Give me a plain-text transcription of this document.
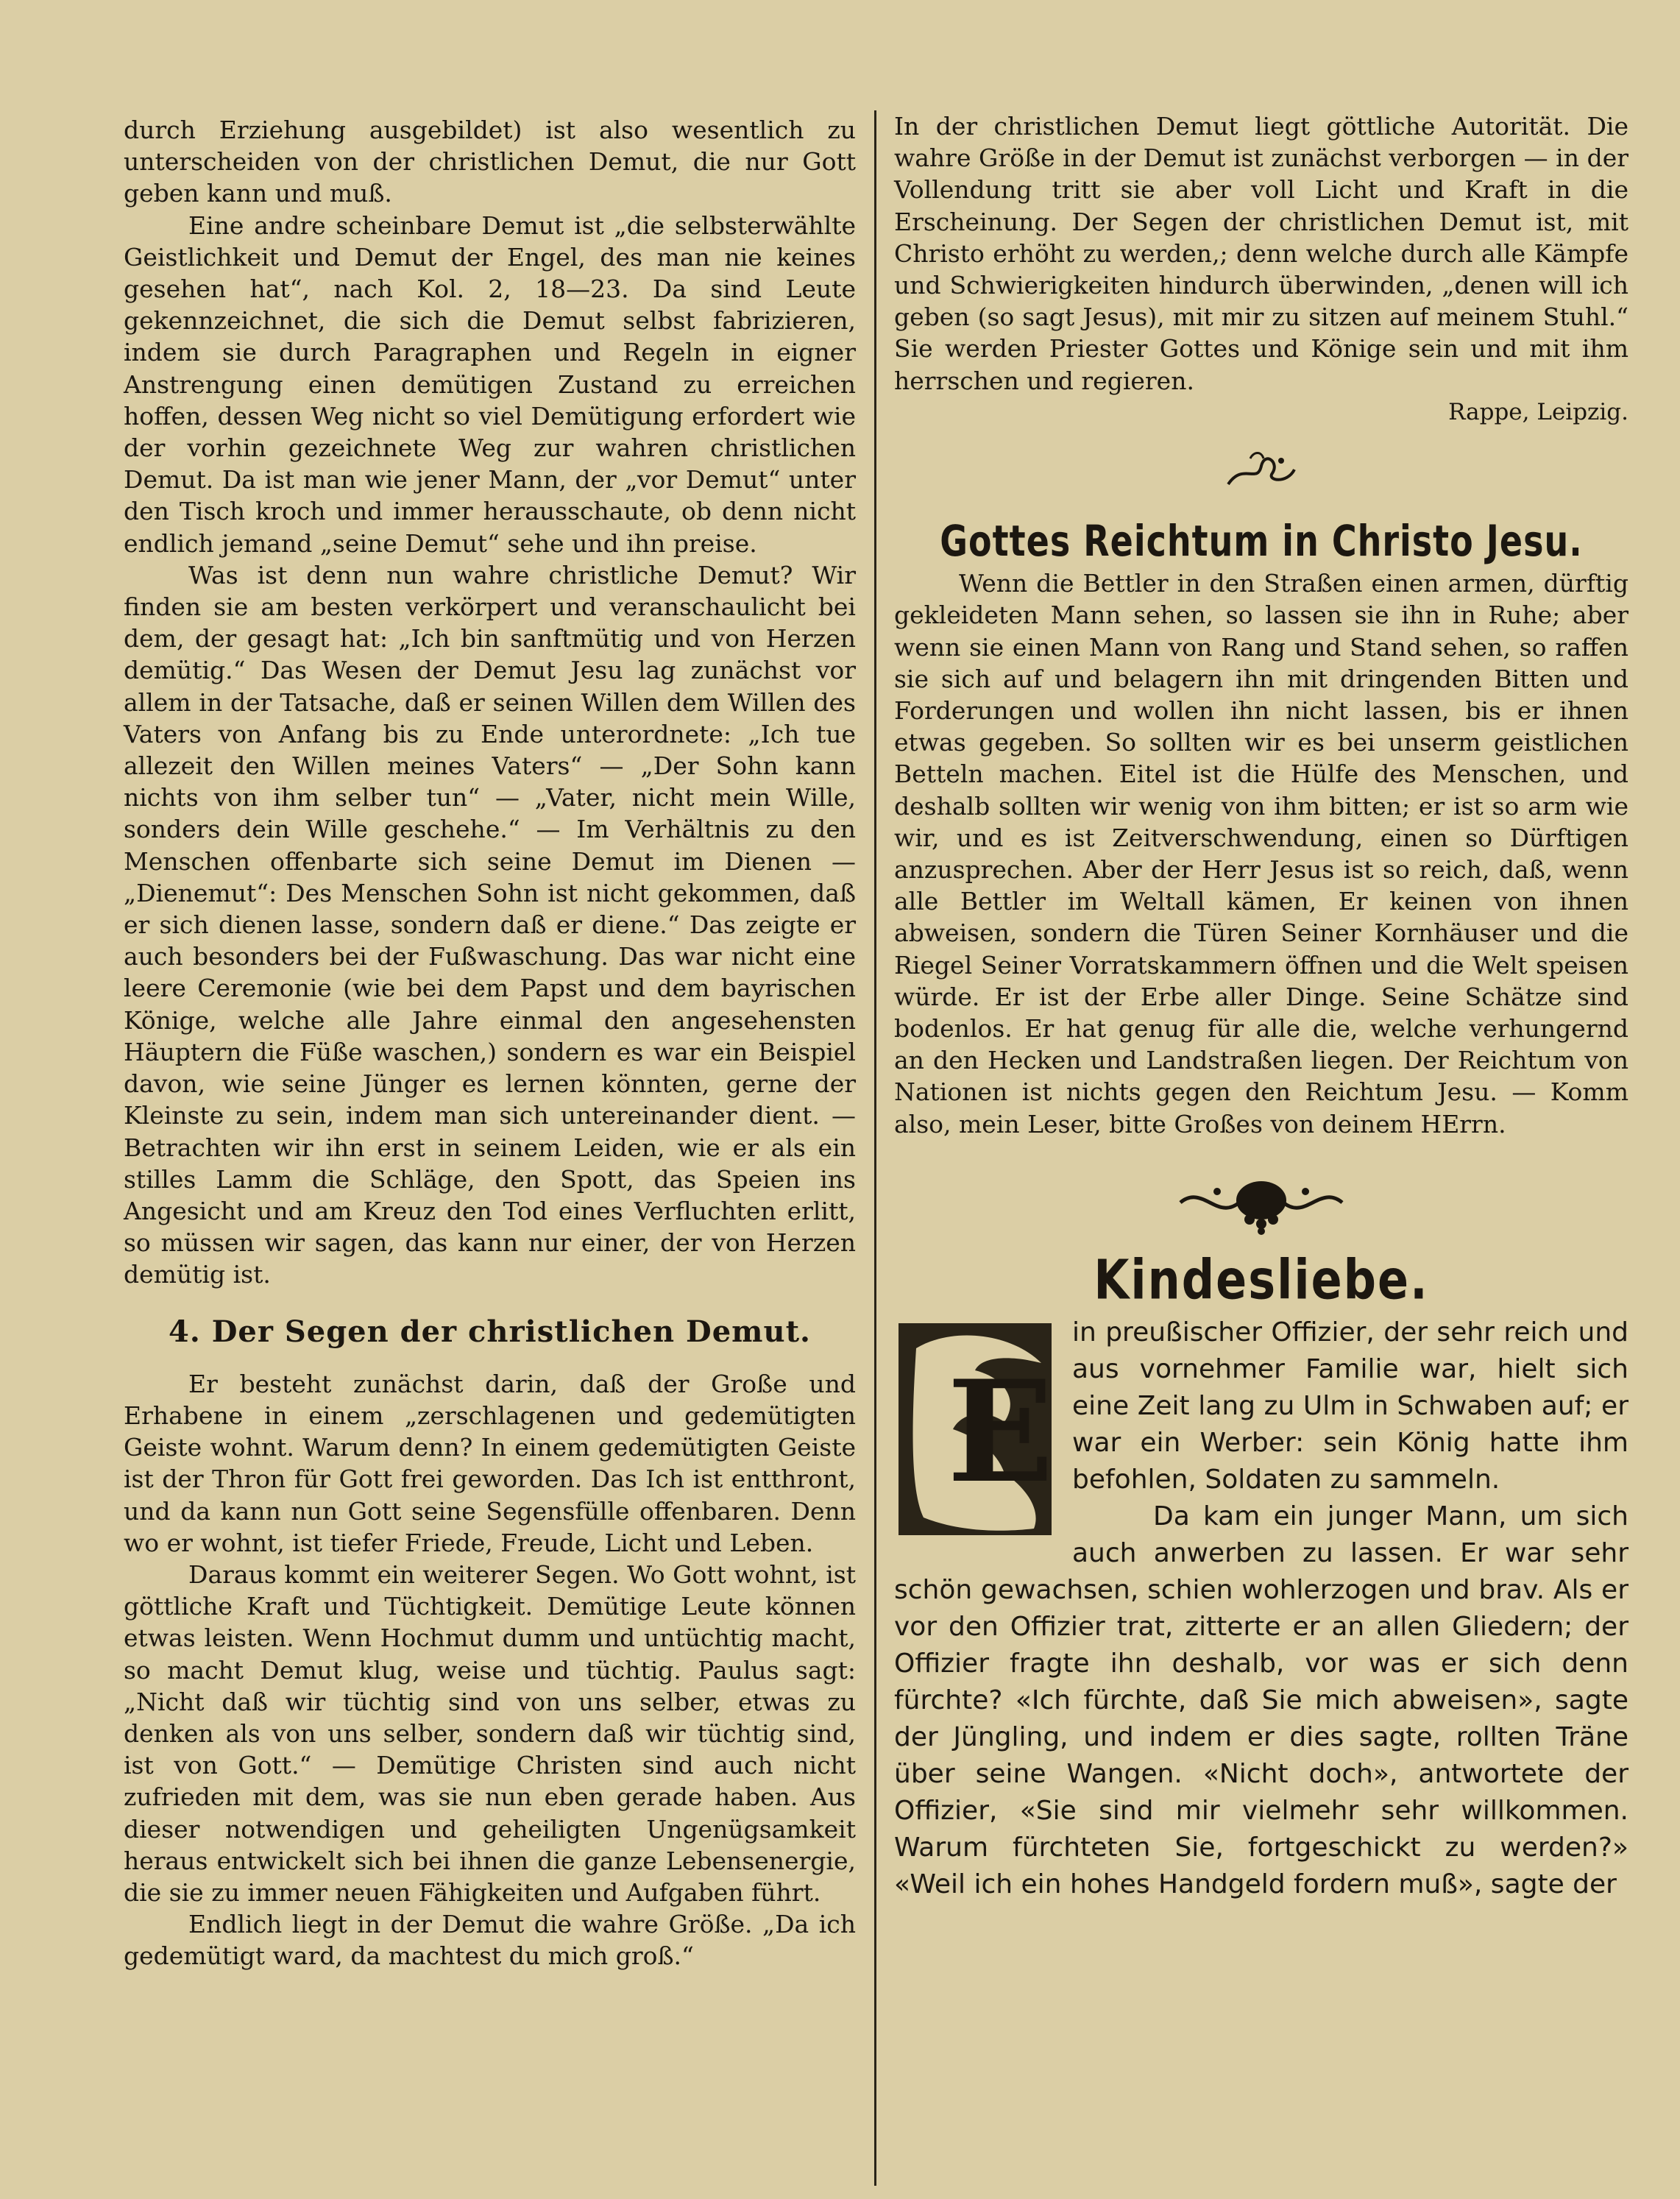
durch Erziehung ausgebildet) ist also wesentlich zu unterscheiden von der christlichen Demut, die nur Gott geben kann und muß.

Eine andre scheinbare Demut ist „die selbsterwählte Geistlichkeit und Demut der Engel, des man nie keines gesehen hat“, nach Kol. 2, 18—23. Da sind Leute gekennzeichnet, die sich die Demut selbst fabrizieren, indem sie durch Paragraphen und Regeln in eigner Anstrengung einen demütigen Zustand zu erreichen hoffen, dessen Weg nicht so viel Demütigung erfordert wie der vorhin gezeichnete Weg zur wahren christlichen Demut. Da ist man wie jener Mann, der „vor Demut“ unter den Tisch kroch und immer herausschaute, ob denn nicht endlich jemand „seine Demut“ sehe und ihn preise.

Was ist denn nun wahre christliche Demut? Wir finden sie am besten verkörpert und veranschaulicht bei dem, der gesagt hat: „Ich bin sanftmütig und von Herzen demütig.“ Das Wesen der Demut Jesu lag zunächst vor allem in der Tatsache, daß er seinen Willen dem Willen des Vaters von Anfang bis zu Ende unterordnete: „Ich tue allezeit den Willen meines Vaters“ — „Der Sohn kann nichts von ihm selber tun“ — „Vater, nicht mein Wille, sonders dein Wille geschehe.“ — Im Verhältnis zu den Menschen offenbarte sich seine Demut im Dienen — „Dienemut“: Des Menschen Sohn ist nicht gekommen, daß er sich dienen lasse, sondern daß er diene.“ Das zeigte er auch besonders bei der Fußwaschung. Das war nicht eine leere Ceremonie (wie bei dem Papst und dem bayrischen Könige, welche alle Jahre einmal den angesehensten Häuptern die Füße waschen,) sondern es war ein Beispiel davon, wie seine Jünger es lernen könnten, gerne der Kleinste zu sein, indem man sich untereinander dient. — Betrachten wir ihn erst in seinem Leiden, wie er als ein stilles Lamm die Schläge, den Spott, das Speien ins Angesicht und am Kreuz den Tod eines Verfluchten erlitt, so müssen wir sagen, das kann nur einer, der von Herzen demütig ist.

4. Der Segen der christlichen Demut.

Er besteht zunächst darin, daß der Große und Erhabene in einem „zerschlagenen und gedemütigten Geiste wohnt. Warum denn? In einem gedemütigten Geiste ist der Thron für Gott frei geworden. Das Ich ist entthront, und da kann nun Gott seine Segensfülle offenbaren. Denn wo er wohnt, ist tiefer Friede, Freude, Licht und Leben.

Daraus kommt ein weiterer Segen. Wo Gott wohnt, ist göttliche Kraft und Tüchtigkeit. Demütige Leute können etwas leisten. Wenn Hochmut dumm und untüchtig macht, so macht Demut klug, weise und tüchtig. Paulus sagt: „Nicht daß wir tüchtig sind von uns selber, etwas zu denken als von uns selber, sondern daß wir tüchtig sind, ist von Gott.“ — Demütige Christen sind auch nicht zufrieden mit dem, was sie nun eben gerade haben. Aus dieser notwendigen und geheiligten Ungenügsamkeit heraus entwickelt sich bei ihnen die ganze Lebensenergie, die sie zu immer neuen Fähigkeiten und Aufgaben führt.

Endlich liegt in der Demut die wahre Größe. „Da ich gedemütigt ward, da machtest du mich groß.“

In der christlichen Demut liegt göttliche Autorität. Die wahre Größe in der Demut ist zunächst verborgen — in der Vollendung tritt sie aber voll Licht und Kraft in die Erscheinung. Der Segen der christlichen Demut ist, mit Christo erhöht zu werden,; denn welche durch alle Kämpfe und Schwierigkeiten hindurch überwinden, „denen will ich geben (so sagt Jesus), mit mir zu sitzen auf meinem Stuhl.“ Sie werden Priester Gottes und Könige sein und mit ihm herrschen und regieren.

Rappe, Leipzig.

Gottes Reichtum in Christo Jesu.

Wenn die Bettler in den Straßen einen armen, dürftig gekleideten Mann sehen, so lassen sie ihn in Ruhe; aber wenn sie einen Mann von Rang und Stand sehen, so raffen sie sich auf und belagern ihn mit dringenden Bitten und Forderungen und wollen ihn nicht lassen, bis er ihnen etwas gegeben. So sollten wir es bei unserm geistlichen Betteln machen. Eitel ist die Hülfe des Menschen, und deshalb sollten wir wenig von ihm bitten; er ist so arm wie wir, und es ist Zeitverschwendung, einen so Dürftigen anzusprechen. Aber der Herr Jesus ist so reich, daß, wenn alle Bettler im Weltall kämen, Er keinen von ihnen abweisen, sondern die Türen Seiner Kornhäuser und die Riegel Seiner Vorratskammern öffnen und die Welt speisen würde. Er ist der Erbe aller Dinge. Seine Schätze sind bodenlos. Er hat genug für alle die, welche verhungernd an den Hecken und Landstraßen liegen. Der Reichtum von Nationen ist nichts gegen den Reichtum Jesu. — Komm also, mein Leser, bitte Großes von deinem HErrn.

Kindesliebe.
E

in preußischer Offizier, der sehr reich und aus vornehmer Familie war, hielt sich eine Zeit lang zu Ulm in Schwaben auf; er war ein Werber: sein König hatte ihm befohlen, Soldaten zu sammeln.

Da kam ein junger Mann, um sich auch anwerben zu lassen. Er war sehr schön gewachsen, schien wohlerzogen und brav. Als er vor den Offizier trat, zitterte er an allen Gliedern; der Offizier fragte ihn deshalb, vor was er sich denn fürchte? «Ich fürchte, daß Sie mich abweisen», sagte der Jüngling, und indem er dies sagte, rollten Träne über seine Wangen. «Nicht doch», antwortete der Offizier, «Sie sind mir vielmehr sehr willkommen. Warum fürchteten Sie, fortgeschickt zu werden?» «Weil ich ein hohes Handgeld fordern muß», sagte der
